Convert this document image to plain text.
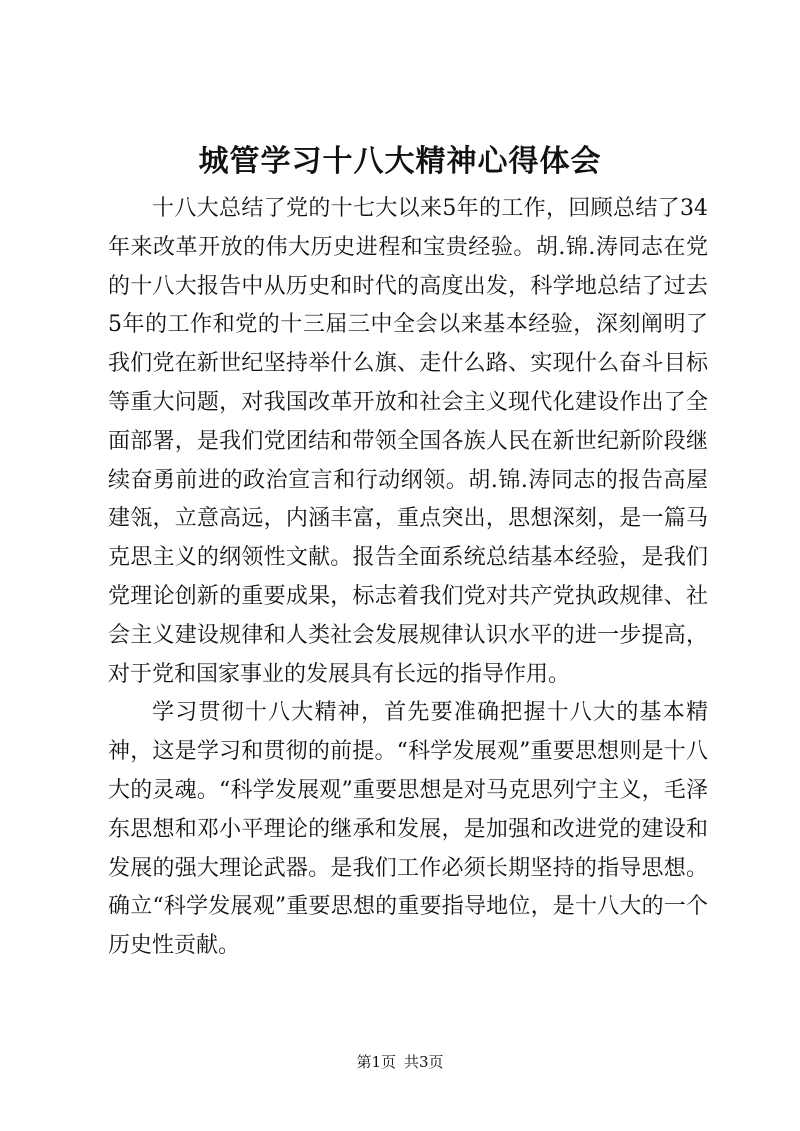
城管学习十八大精神心得体会

十八大总结了党的十七大以来5年的工作，回顾总结了34年来改革开放的伟大历史进程和宝贵经验。胡.锦.涛同志在党的十八大报告中从历史和时代的高度出发，科学地总结了过去5年的工作和党的十三届三中全会以来基本经验，深刻阐明了我们党在新世纪坚持举什么旗、走什么路、实现什么奋斗目标等重大问题，对我国改革开放和社会主义现代化建设作出了全面部署，是我们党团结和带领全国各族人民在新世纪新阶段继续奋勇前进的政治宣言和行动纲领。胡.锦.涛同志的报告高屋建瓴，立意高远，内涵丰富，重点突出，思想深刻，是一篇马克思主义的纲领性文献。报告全面系统总结基本经验，是我们党理论创新的重要成果，标志着我们党对共产党执政规律、社会主义建设规律和人类社会发展规律认识水平的进一步提高，对于党和国家事业的发展具有长远的指导作用。

学习贯彻十八大精神，首先要准确把握十八大的基本精神，这是学习和贯彻的前提。“科学发展观”重要思想则是十八大的灵魂。“科学发展观”重要思想是对马克思列宁主义，毛泽东思想和邓小平理论的继承和发展，是加强和改进党的建设和发展的强大理论武器。是我们工作必须长期坚持的指导思想。确立“科学发展观”重要思想的重要指导地位，是十八大的一个历史性贡献。

第1页 共3页
